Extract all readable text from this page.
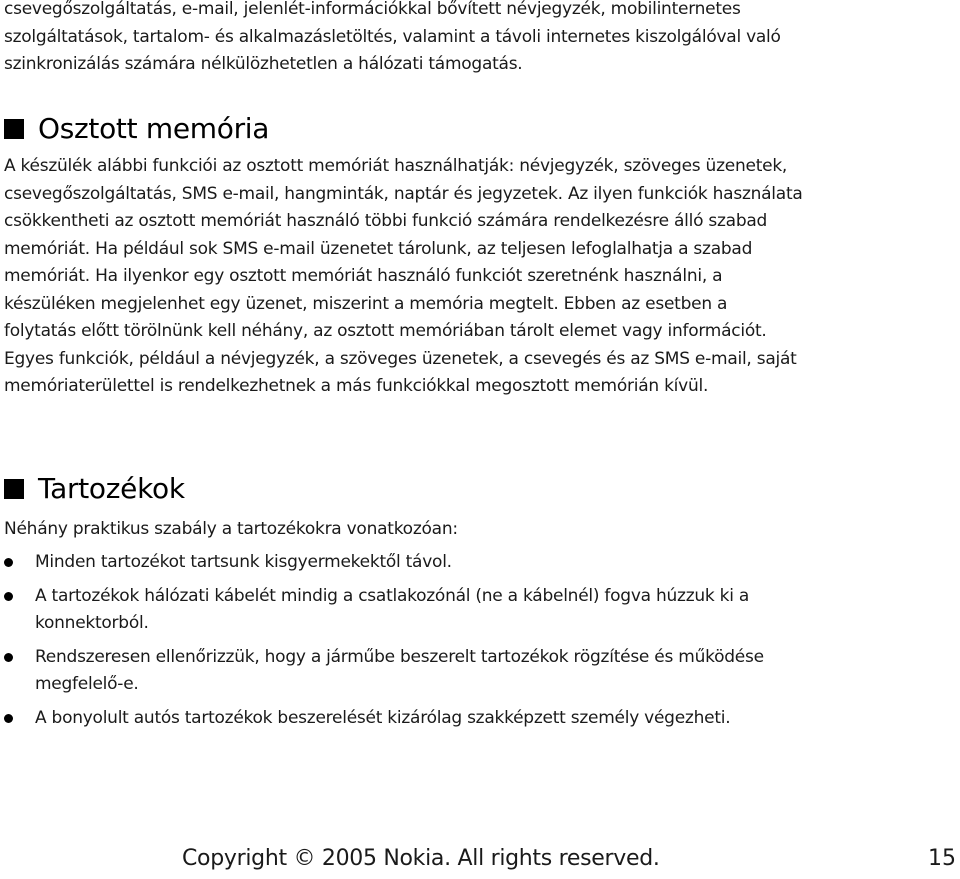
csevegőszolgáltatás, e-mail, jelenlét-információkkal bővített névjegyzék, mobilinternetes szolgáltatások, tartalom- és alkalmazásletöltés, valamint a távoli internetes kiszolgálóval való szinkronizálás számára nélkülözhetetlen a hálózati támogatás.

Osztott memória

A készülék alábbi funkciói az osztott memóriát használhatják: névjegyzék, szöveges üzenetek, csevegőszolgáltatás, SMS e-mail, hangminták, naptár és jegyzetek. Az ilyen funkciók használata csökkentheti az osztott memóriát használó többi funkció számára rendelkezésre álló szabad memóriát. Ha például sok SMS e-mail üzenetet tárolunk, az teljesen lefoglalhatja a szabad memóriát. Ha ilyenkor egy osztott memóriát használó funkciót szeretnénk használni, a készüléken megjelenhet egy üzenet, miszerint a memória megtelt. Ebben az esetben a folytatás előtt törölnünk kell néhány, az osztott memóriában tárolt elemet vagy információt. Egyes funkciók, például a névjegyzék, a szöveges üzenetek, a csevegés és az SMS e-mail, saját memóriaterülettel is rendelkezhetnek a más funkciókkal megosztott memórián kívül.

Tartozékok

Néhány praktikus szabály a tartozékokra vonatkozóan:

Minden tartozékot tartsunk kisgyermekektől távol.
A tartozékok hálózati kábelét mindig a csatlakozónál (ne a kábelnél) fogva húzzuk ki a konnektorból.
Rendszeresen ellenőrizzük, hogy a járműbe beszerelt tartozékok rögzítése és működése megfelelő-e.
A bonyolult autós tartozékok beszerelését kizárólag szakképzett személy végezheti.
Copyright © 2005 Nokia. All rights reserved.	15
